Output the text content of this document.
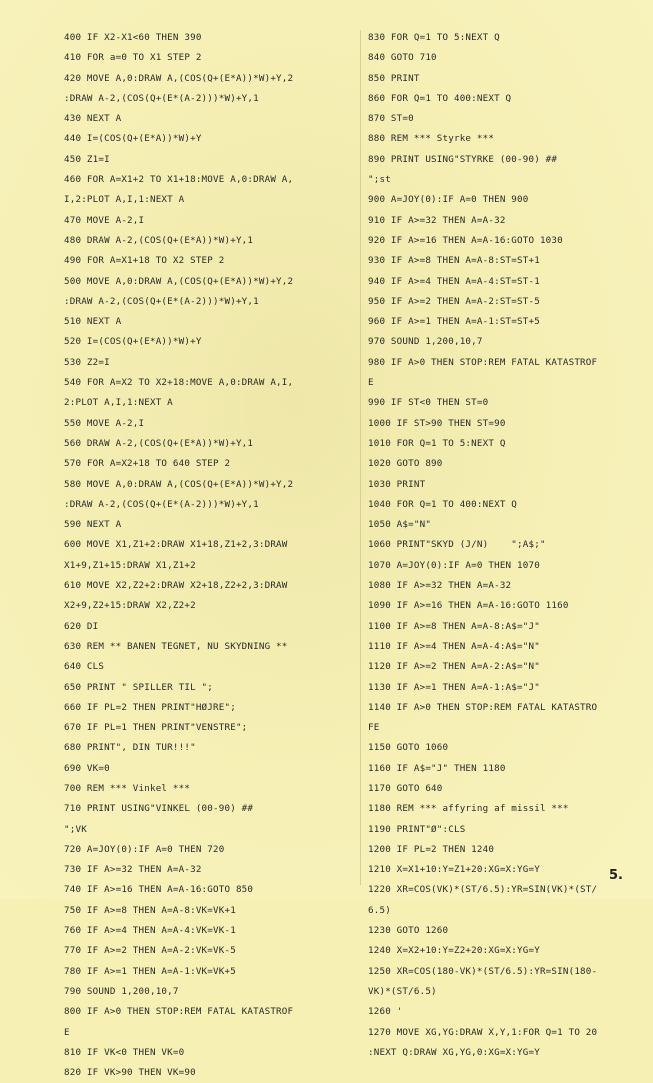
400 IF X2-X1<60 THEN 390
410 FOR a=0 TO X1 STEP 2
420 MOVE A,0:DRAW A,(COS(Q+(E*A))*W)+Y,2
:DRAW A-2,(COS(Q+(E*(A-2)))*W)+Y,1
430 NEXT A
440 I=(COS(Q+(E*A))*W)+Y
450 Z1=I
460 FOR A=X1+2 TO X1+18:MOVE A,0:DRAW A,
I,2:PLOT A,I,1:NEXT A
470 MOVE A-2,I
480 DRAW A-2,(COS(Q+(E*A))*W)+Y,1
490 FOR A=X1+18 TO X2 STEP 2
500 MOVE A,0:DRAW A,(COS(Q+(E*A))*W)+Y,2
:DRAW A-2,(COS(Q+(E*(A-2)))*W)+Y,1
510 NEXT A
520 I=(COS(Q+(E*A))*W)+Y
530 Z2=I
540 FOR A=X2 TO X2+18:MOVE A,0:DRAW A,I,
2:PLOT A,I,1:NEXT A
550 MOVE A-2,I
560 DRAW A-2,(COS(Q+(E*A))*W)+Y,1
570 FOR A=X2+18 TO 640 STEP 2
580 MOVE A,0:DRAW A,(COS(Q+(E*A))*W)+Y,2
:DRAW A-2,(COS(Q+(E*(A-2)))*W)+Y,1
590 NEXT A
600 MOVE X1,Z1+2:DRAW X1+18,Z1+2,3:DRAW
X1+9,Z1+15:DRAW X1,Z1+2
610 MOVE X2,Z2+2:DRAW X2+18,Z2+2,3:DRAW
X2+9,Z2+15:DRAW X2,Z2+2
620 DI
630 REM ** BANEN TEGNET, NU SKYDNING **
640 CLS
650 PRINT " SPILLER TIL ";
660 IF PL=2 THEN PRINT"HØJRE";
670 IF PL=1 THEN PRINT"VENSTRE";
680 PRINT", DIN TUR!!!"
690 VK=0
700 REM *** Vinkel ***
710 PRINT USING"VINKEL (00-90) ##
";VK
720 A=JOY(0):IF A=0 THEN 720
730 IF A>=32 THEN A=A-32
740 IF A>=16 THEN A=A-16:GOTO 850
750 IF A>=8 THEN A=A-8:VK=VK+1
760 IF A>=4 THEN A=A-4:VK=VK-1
770 IF A>=2 THEN A=A-2:VK=VK-5
780 IF A>=1 THEN A=A-1:VK=VK+5
790 SOUND 1,200,10,7
800 IF A>0 THEN STOP:REM FATAL KATASTROF
E
810 IF VK<0 THEN VK=0
820 IF VK>90 THEN VK=90
830 FOR Q=1 TO 5:NEXT Q
840 GOTO 710
850 PRINT
860 FOR Q=1 TO 400:NEXT Q
870 ST=0
880 REM *** Styrke ***
890 PRINT USING"STYRKE (00-90) ##
";st
900 A=JOY(0):IF A=0 THEN 900
910 IF A>=32 THEN A=A-32
920 IF A>=16 THEN A=A-16:GOTO 1030
930 IF A>=8 THEN A=A-8:ST=ST+1
940 IF A>=4 THEN A=A-4:ST=ST-1
950 IF A>=2 THEN A=A-2:ST=ST-5
960 IF A>=1 THEN A=A-1:ST=ST+5
970 SOUND 1,200,10,7
980 IF A>0 THEN STOP:REM FATAL KATASTROF
E
990 IF ST<0 THEN ST=0
1000 IF ST>90 THEN ST=90
1010 FOR Q=1 TO 5:NEXT Q
1020 GOTO 890
1030 PRINT
1040 FOR Q=1 TO 400:NEXT Q
1050 A$="N"
1060 PRINT"SKYD (J/N)    ";A$;"
1070 A=JOY(0):IF A=0 THEN 1070
1080 IF A>=32 THEN A=A-32
1090 IF A>=16 THEN A=A-16:GOTO 1160
1100 IF A>=8 THEN A=A-8:A$="J"
1110 IF A>=4 THEN A=A-4:A$="N"
1120 IF A>=2 THEN A=A-2:A$="N"
1130 IF A>=1 THEN A=A-1:A$="J"
1140 IF A>0 THEN STOP:REM FATAL KATASTRO
FE
1150 GOTO 1060
1160 IF A$="J" THEN 1180
1170 GOTO 640
1180 REM *** affyring af missil ***
1190 PRINT"Ø":CLS
1200 IF PL=2 THEN 1240
1210 X=X1+10:Y=Z1+20:XG=X:YG=Y
1220 XR=COS(VK)*(ST/6.5):YR=SIN(VK)*(ST/
6.5)
1230 GOTO 1260
1240 X=X2+10:Y=Z2+20:XG=X:YG=Y
1250 XR=COS(180-VK)*(ST/6.5):YR=SIN(180-
VK)*(ST/6.5)
1260 '
1270 MOVE XG,YG:DRAW X,Y,1:FOR Q=1 TO 20
:NEXT Q:DRAW XG,YG,0:XG=X:YG=Y
5.
